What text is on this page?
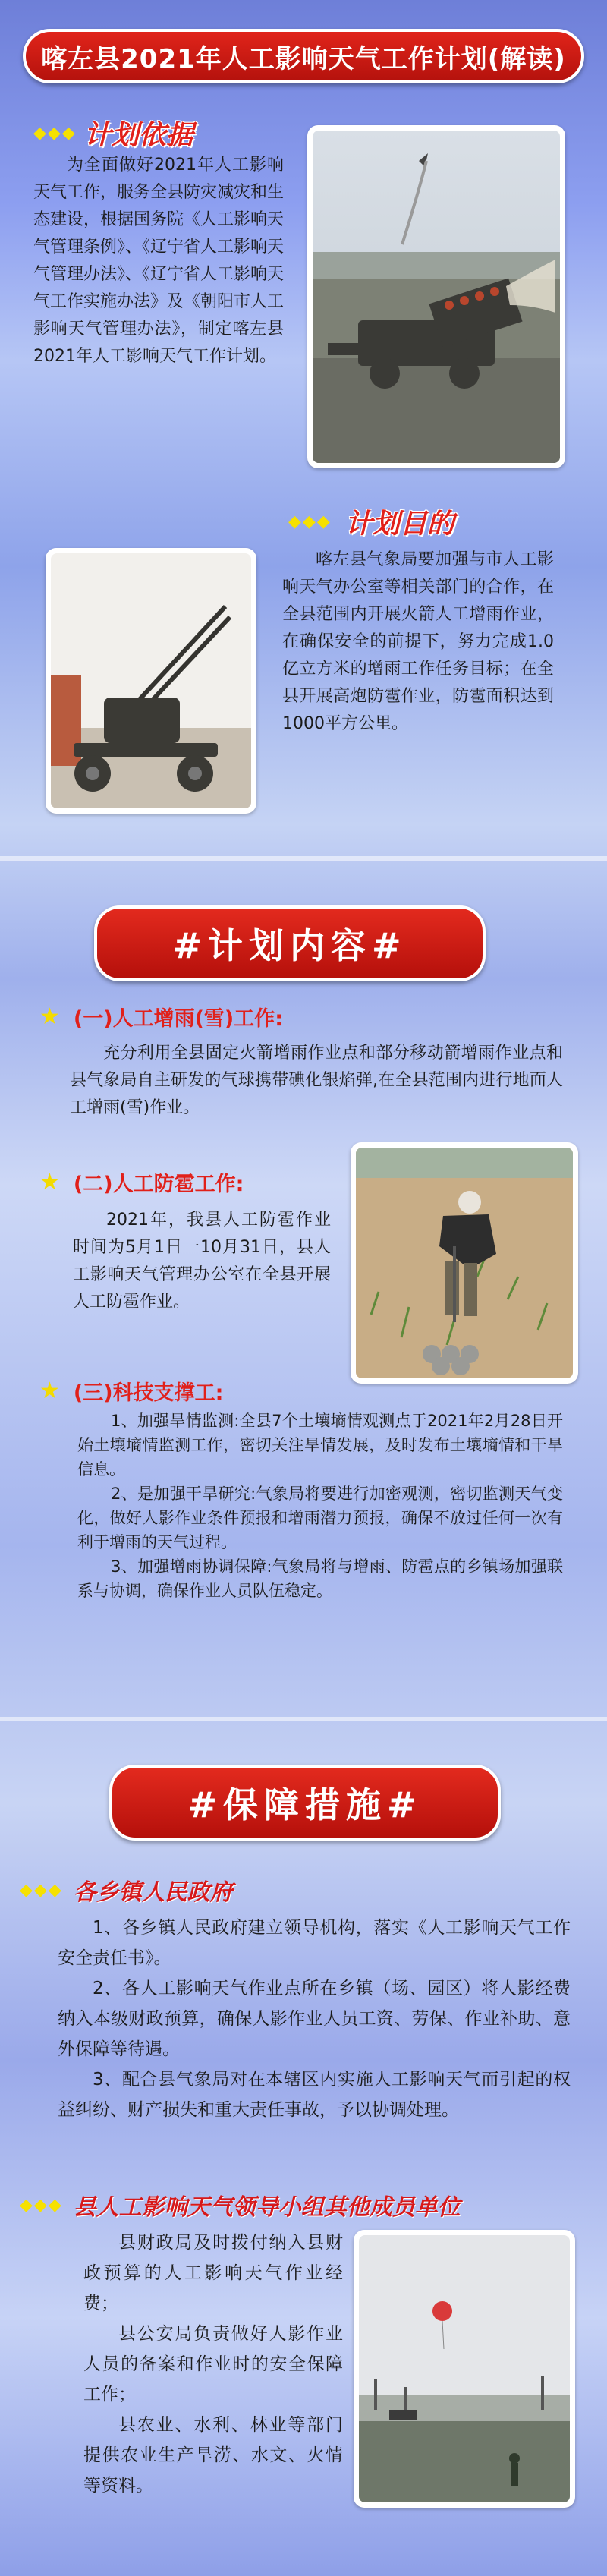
喀左县2021年人工影响天气工作计划(解读)
◆◆◆ 计划依据
为全面做好2021年人工影响天气工作，服务全县防灾减灾和生态建设，根据国务院《人工影响天气管理条例》、《辽宁省人工影响天气管理办法》、《辽宁省人工影响天气工作实施办法》及《朝阳市人工影响天气管理办法》，制定喀左县2021年人工影响天气工作计划。
◆◆◆ 计划目的
喀左县气象局要加强与市人工影响天气办公室等相关部门的合作，在全县范围内开展火箭人工增雨作业，在确保安全的前提下，努力完成1.0亿立方米的增雨工作任务目标；在全县开展高炮防雹作业，防雹面积达到1000平方公里。
#计划内容#
★ (一)人工增雨(雪)工作:
充分利用全县固定火箭增雨作业点和部分移动箭增雨作业点和县气象局自主研发的气球携带碘化银焰弹,在全县范围内进行地面人工增雨(雪)作业。
★ (二)人工防雹工作:
2021年，我县人工防雹作业时间为5月1日一10月31日，县人工影响天气管理办公室在全县开展人工防雹作业。
★ (三)科技支撑工:

1、加强旱情监测:全县7个土壤墒情观测点于2021年2月28日开始土壤墒情监测工作，密切关注旱情发展，及时发布土壤墒情和干旱信息。

2、是加强干旱研究:气象局将要进行加密观测，密切监测天气变化，做好人影作业条件预报和增雨潜力预报，确保不放过任何一次有利于增雨的天气过程。

3、加强增雨协调保障:气象局将与增雨、防雹点的乡镇场加强联系与协调，确保作业人员队伍稳定。

#保障措施#
◆◆◆ 各乡镇人民政府

1、各乡镇人民政府建立领导机构，落实《人工影响天气工作安全责任书》。

2、各人工影响天气作业点所在乡镇（场、园区）将人影经费纳入本级财政预算，确保人影作业人员工资、劳保、作业补助、意外保障等待遇。

3、配合县气象局对在本辖区内实施人工影响天气而引起的权益纠纷、财产损失和重大责任事故，予以协调处理。

◆◆◆ 县人工影响天气领导小组其他成员单位

县财政局及时拨付纳入县财政预算的人工影响天气作业经费；

县公安局负责做好人影作业人员的备案和作业时的安全保障工作；

县农业、水利、林业等部门提供农业生产旱涝、水文、火情等资料。
